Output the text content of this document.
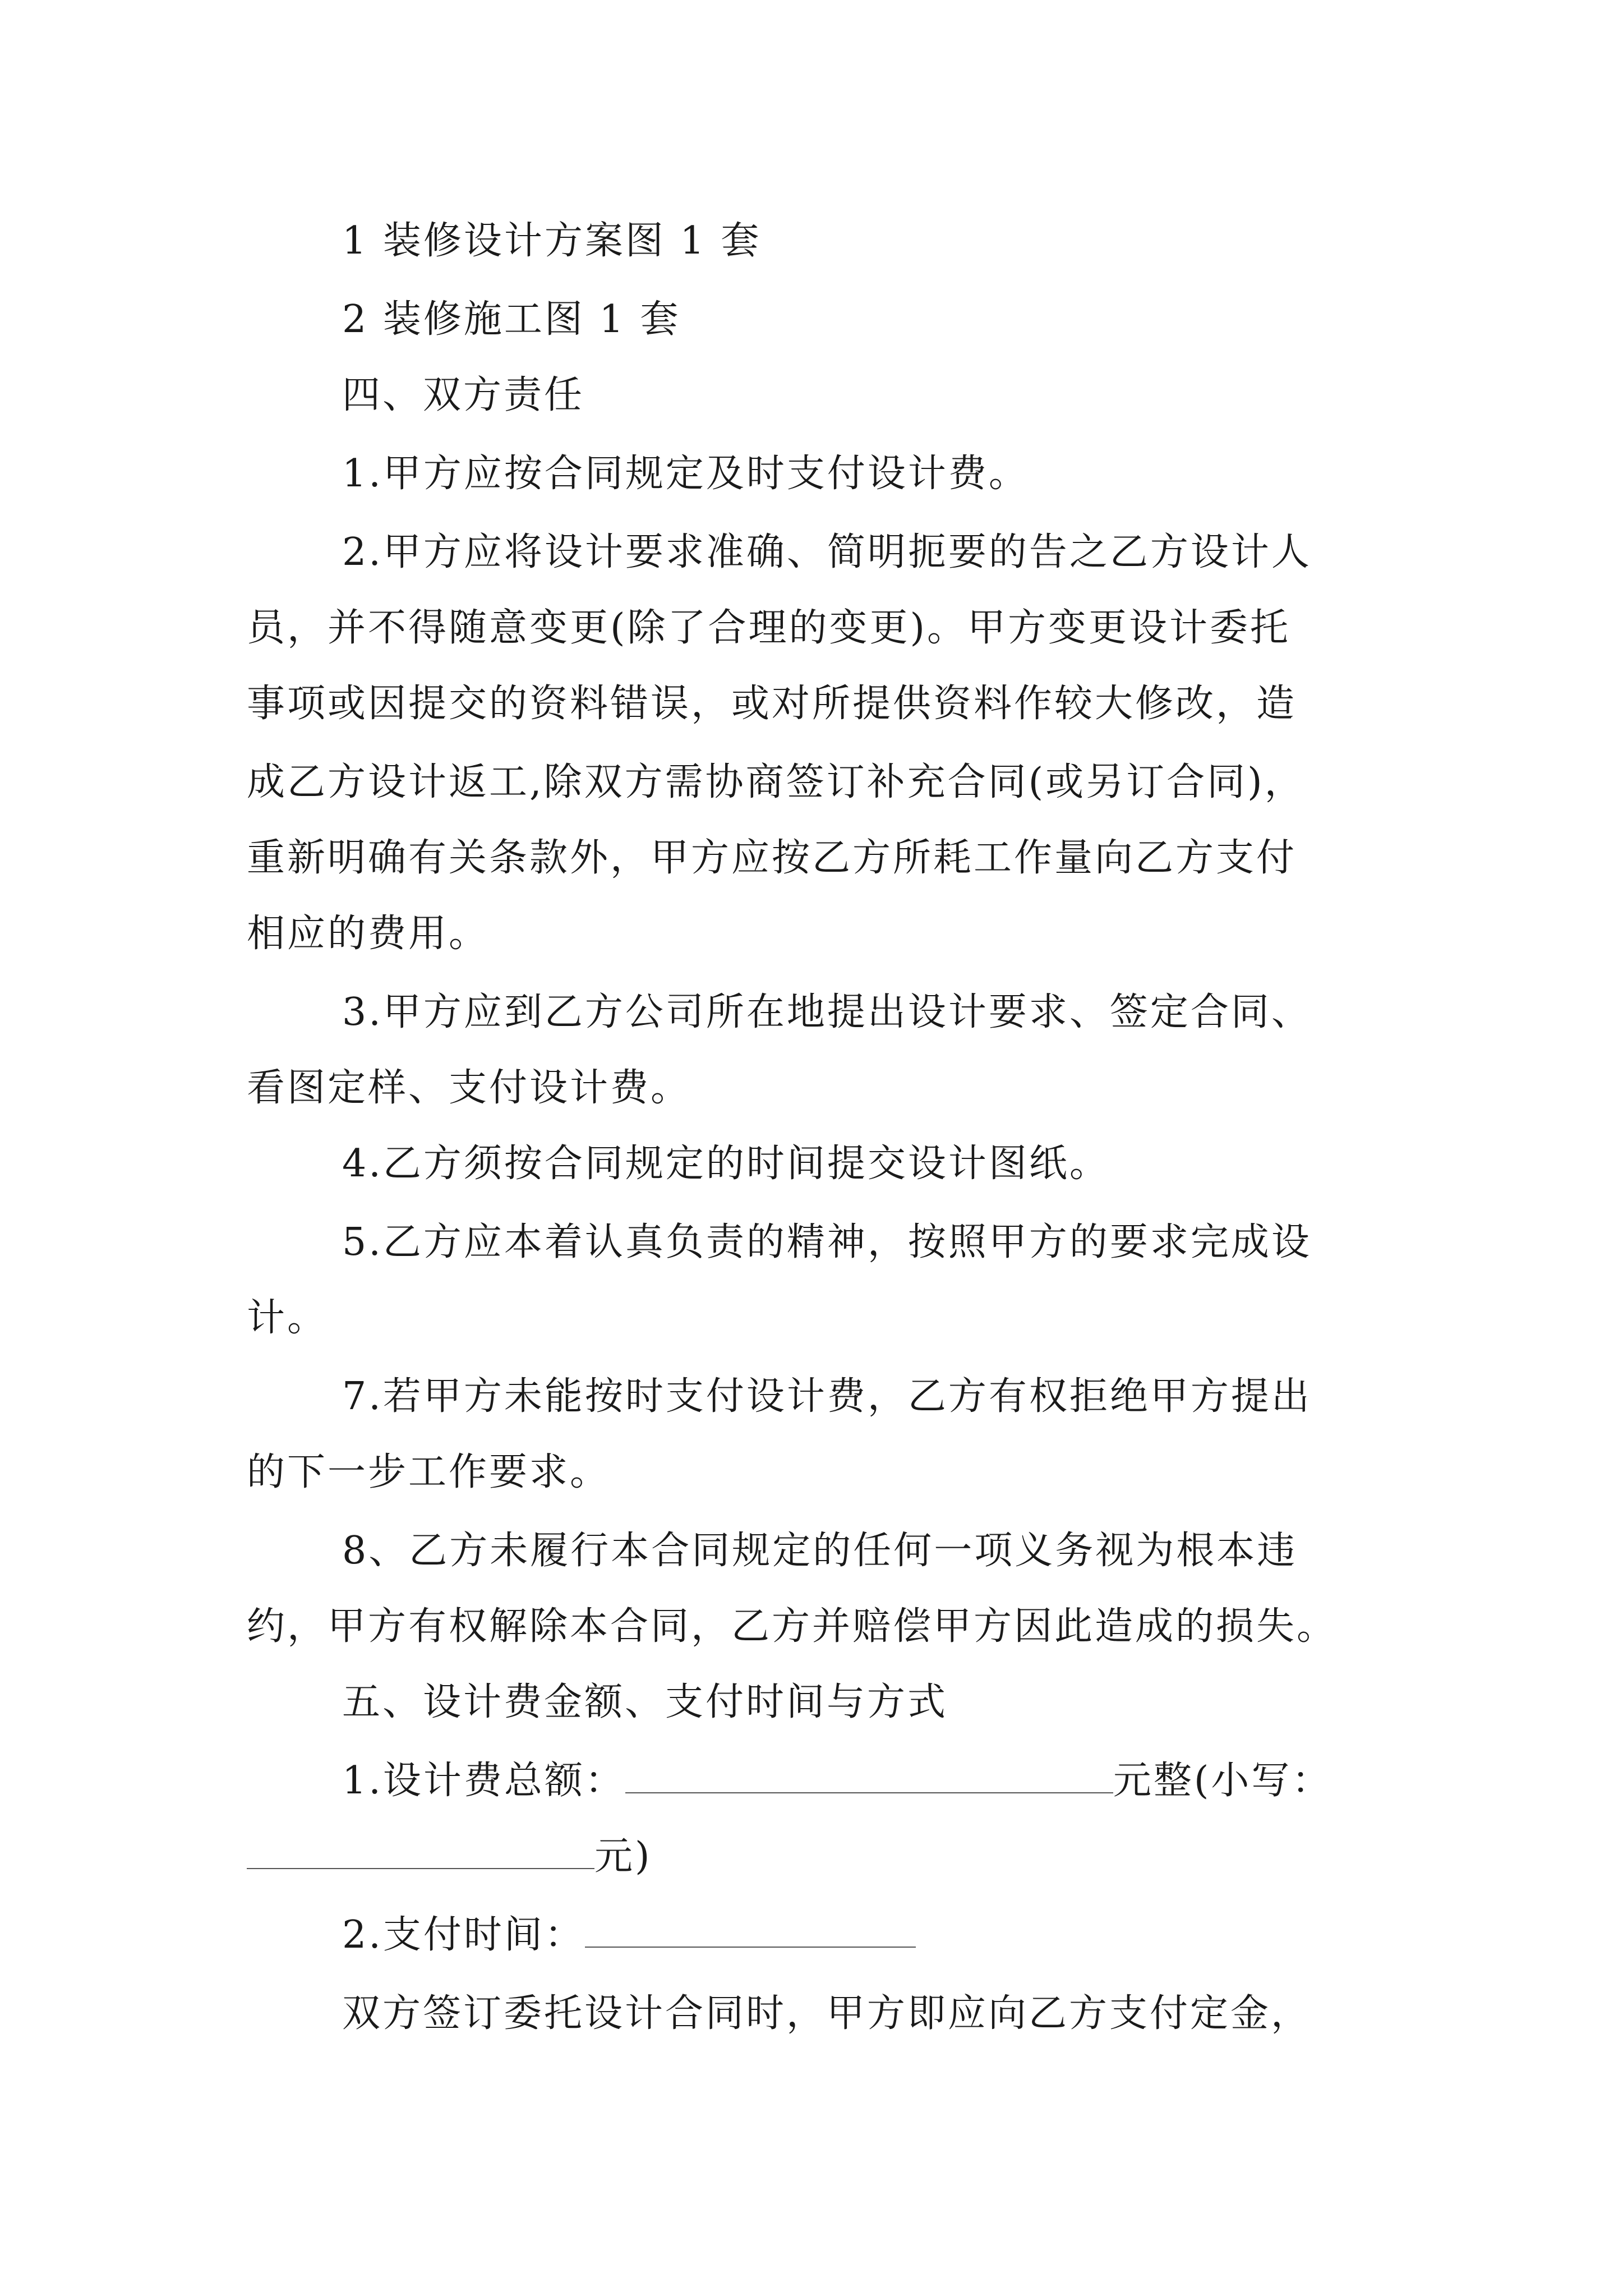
1 装修设计方案图 1 套
2 装修施工图 1 套
四、双方责任
1.甲方应按合同规定及时支付设计费。
2.甲方应将设计要求准确、简明扼要的告之乙方设计人
员，并不得随意变更(除了合理的变更)。甲方变更设计委托
事项或因提交的资料错误，或对所提供资料作较大修改，造
成乙方设计返工,除双方需协商签订补充合同(或另订合同)，
重新明确有关条款外，甲方应按乙方所耗工作量向乙方支付
相应的费用。
3.甲方应到乙方公司所在地提出设计要求、签定合同、
看图定样、支付设计费。
4.乙方须按合同规定的时间提交设计图纸。
5.乙方应本着认真负责的精神，按照甲方的要求完成设
计。
7.若甲方未能按时支付设计费，乙方有权拒绝甲方提出
的下一步工作要求。
8、乙方未履行本合同规定的任何一项义务视为根本违
约，甲方有权解除本合同，乙方并赔偿甲方因此造成的损失。
五、设计费金额、支付时间与方式
1.设计费总额：	元整(小写：
元)
2.支付时间：
双方签订委托设计合同时，甲方即应向乙方支付定金，
